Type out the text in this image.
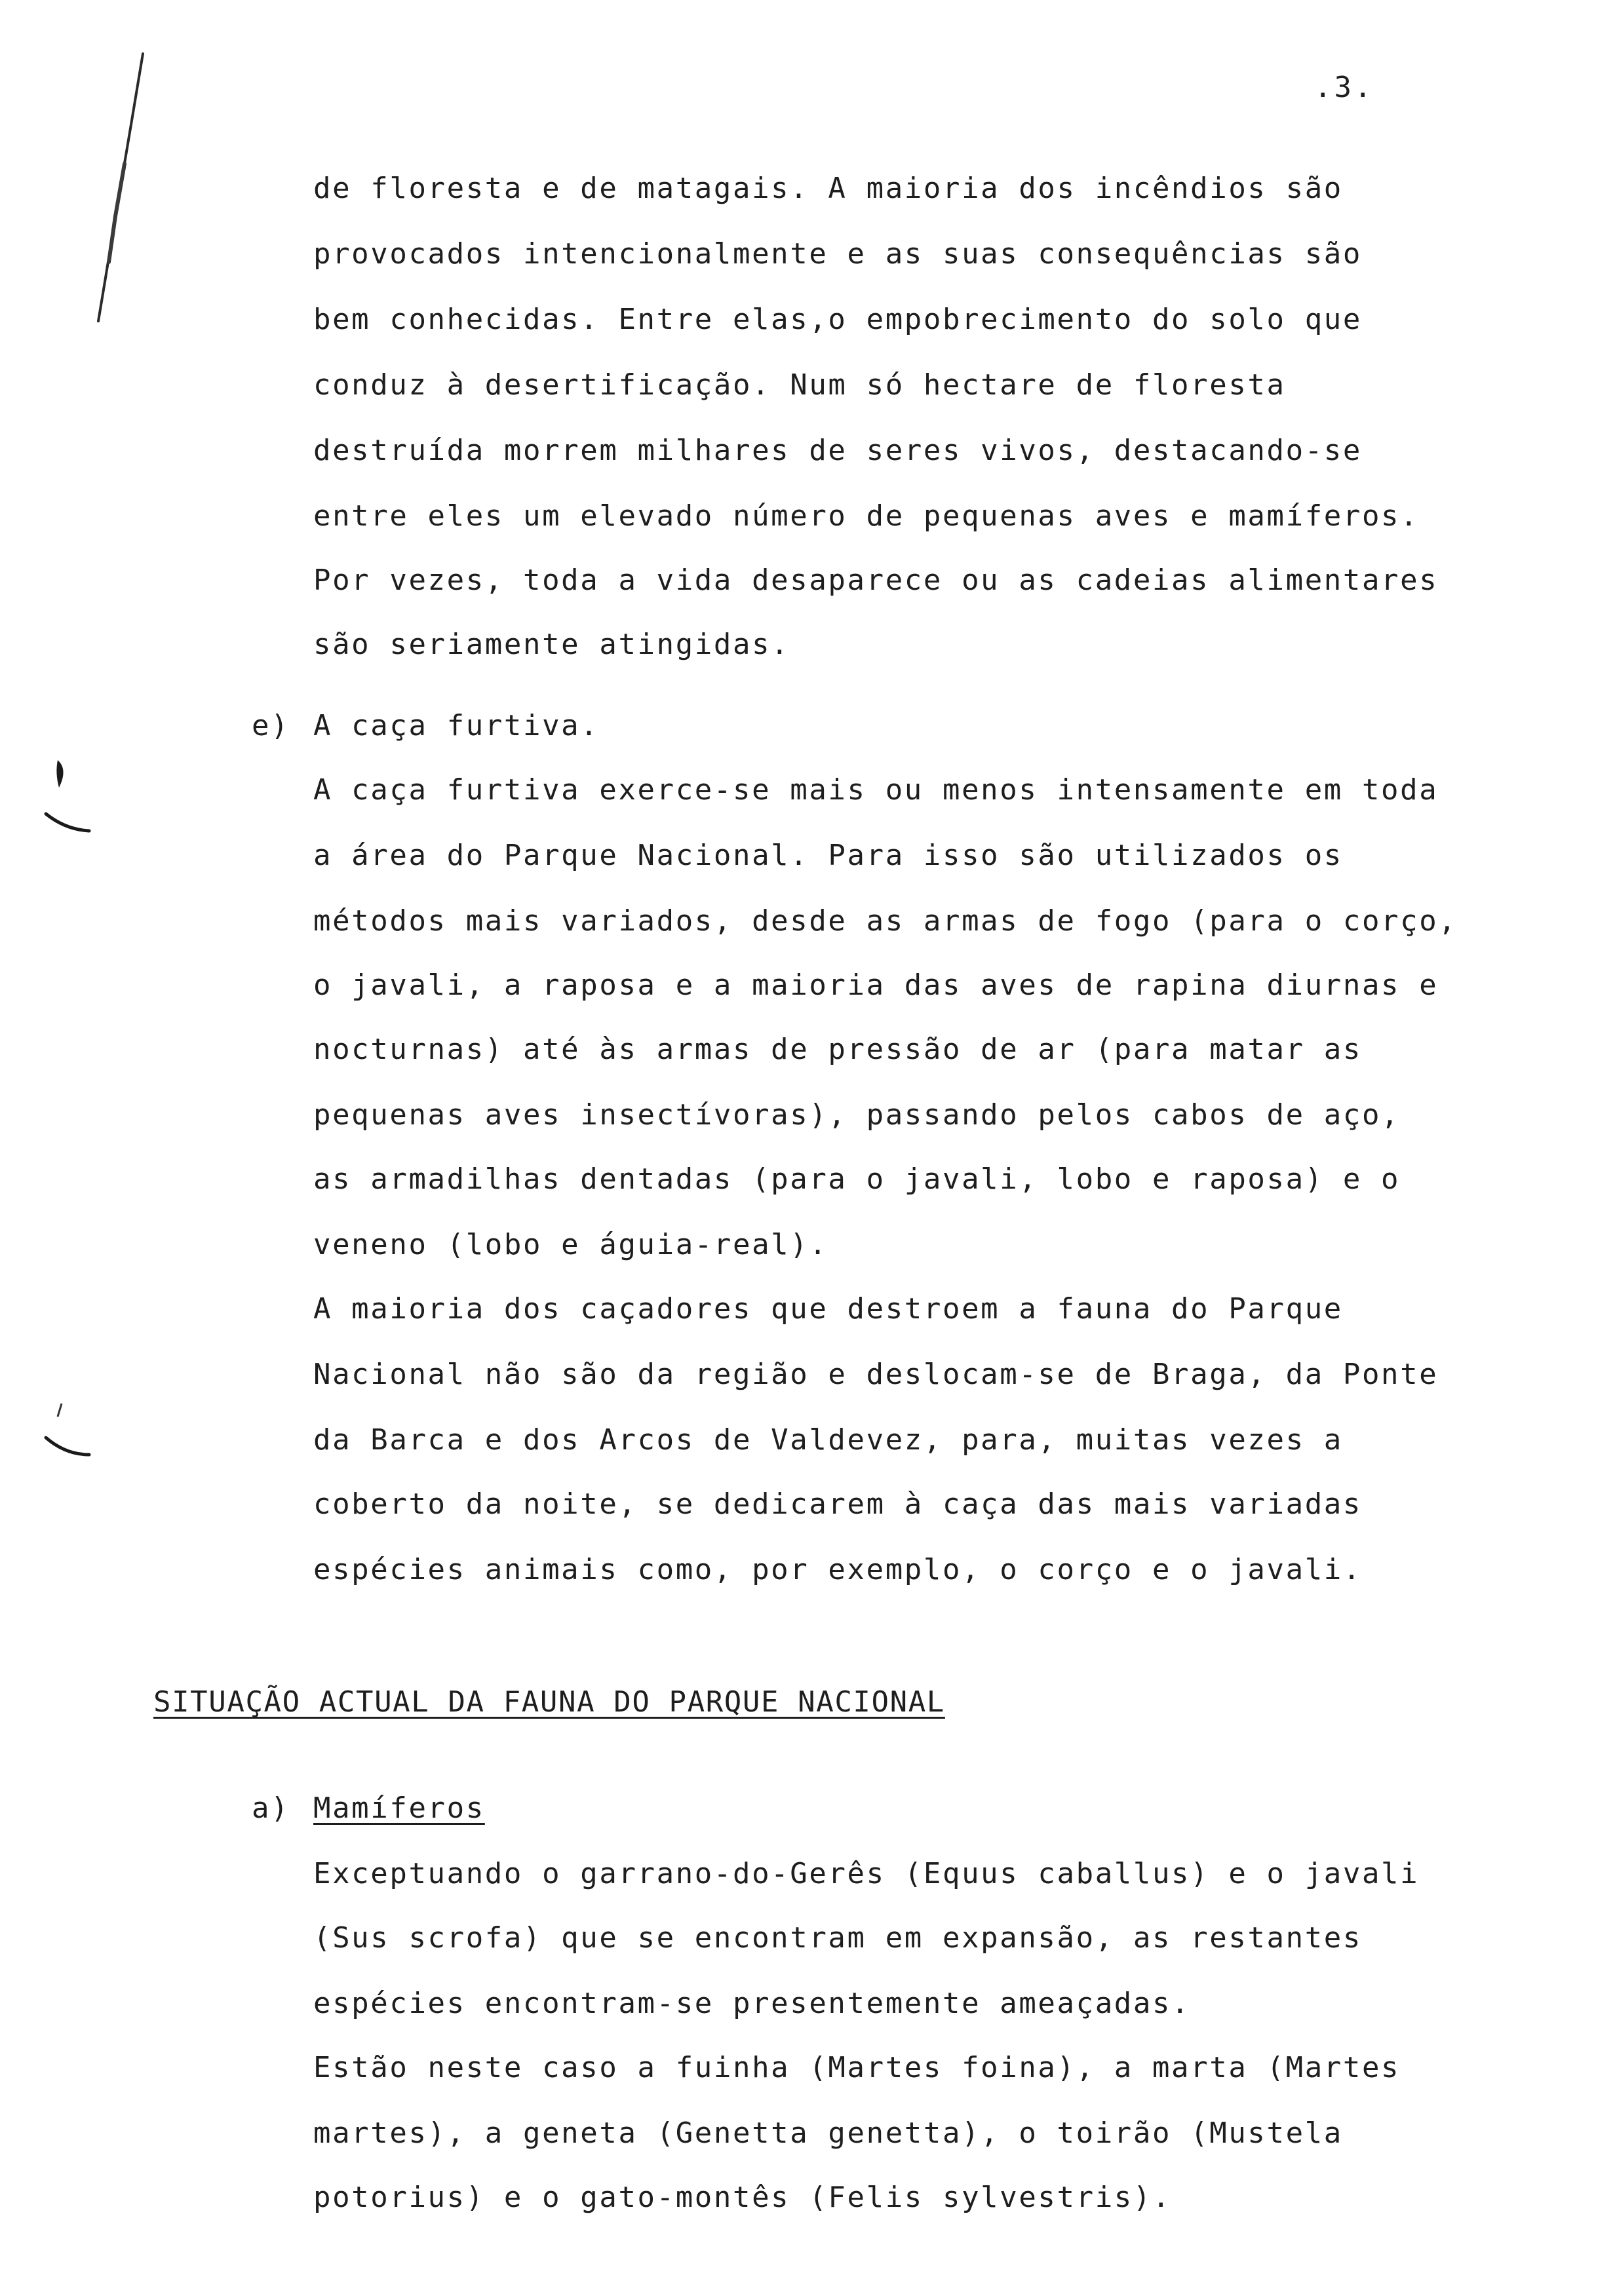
.3.
de floresta e de matagais. A maioria dos incêndios são
provocados intencionalmente e as suas consequências são
bem conhecidas. Entre elas,o empobrecimento do solo que
conduz à desertificação. Num só hectare de floresta
destruída morrem milhares de seres vivos, destacando-se
entre eles um elevado número de pequenas aves e mamíferos.
Por vezes, toda a vida desaparece ou as cadeias alimentares
são seriamente atingidas.
e) A caça furtiva.
A caça furtiva exerce-se mais ou menos intensamente em toda
a área do Parque Nacional. Para isso são utilizados os
métodos mais variados, desde as armas de fogo (para o corço,
o javali, a raposa e a maioria das aves de rapina diurnas e
nocturnas) até às armas de pressão de ar (para matar as
pequenas aves insectívoras), passando pelos cabos de aço,
as armadilhas dentadas (para o javali, lobo e raposa) e o
veneno (lobo e águia-real).
A maioria dos caçadores que destroem a fauna do Parque
Nacional não são da região e deslocam-se de Braga, da Ponte
da Barca e dos Arcos de Valdevez, para, muitas vezes a
coberto da noite, se dedicarem à caça das mais variadas
espécies animais como, por exemplo, o corço e o javali.
SITUAÇÃO ACTUAL DA FAUNA DO PARQUE NACIONAL
a) Mamíferos
Exceptuando o garrano-do-Gerês (Equus caballus) e o javali
(Sus scrofa) que se encontram em expansão, as restantes
espécies encontram-se presentemente ameaçadas.
Estão neste caso a fuinha (Martes foina), a marta (Martes
martes), a geneta (Genetta genetta), o toirão (Mustela
potorius) e o gato-montês (Felis sylvestris).
